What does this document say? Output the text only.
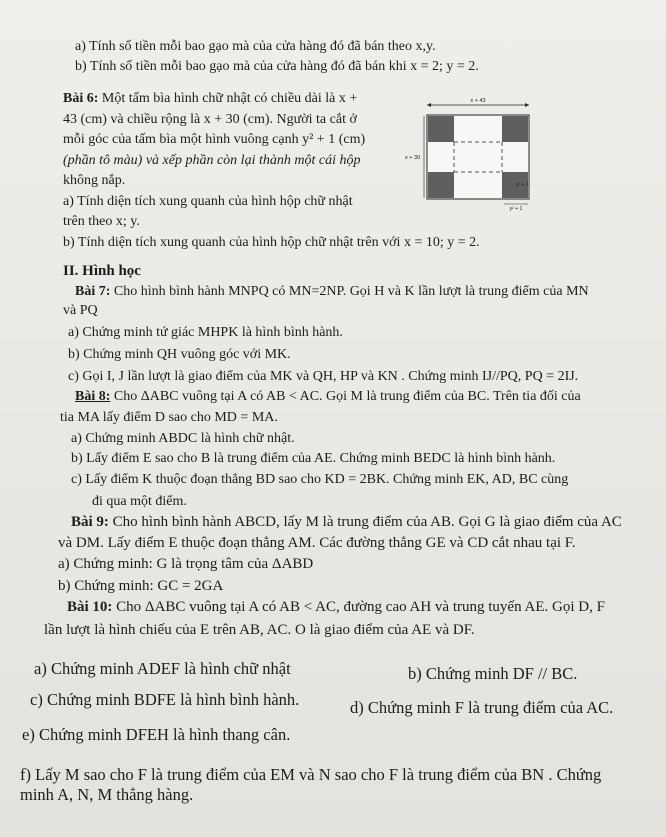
a) Tính số tiền mỗi bao gạo mà của cửa hàng đó đã bán theo x,y.
b) Tính số tiền mỗi bao gạo mà của cửa hàng đó đã bán khi x = 2; y = 2.
Bài 6: Một tấm bìa hình chữ nhật có chiều dài là x +
43 (cm) và chiều rộng là x + 30 (cm). Người ta cắt ở
mỗi góc của tấm bìa một hình vuông cạnh y² + 1 (cm)
(phần tô màu) và xếp phần còn lại thành một cái hộp
không nắp.
a) Tính diện tích xung quanh của hình hộp chữ nhật
trên theo x; y.
b) Tính diện tích xung quanh của hình hộp chữ nhật trên với x = 10; y = 2.
x + 43
x + 30
y² + 1
y² + 1
II. Hình học
Bài 7: Cho hình bình hành MNPQ có MN=2NP. Gọi H và K lần lượt là trung điểm của MN
và PQ
a) Chứng minh tứ giác MHPK là hình bình hành.
b) Chứng minh QH vuông góc với MK.
c) Gọi I, J lần lượt là giao điểm của MK và QH, HP và KN . Chứng minh IJ//PQ, PQ = 2IJ.
Bài 8: Cho ΔABC vuông tại A có AB < AC. Gọi M là trung điểm của BC. Trên tia đối của
tia MA lấy điểm D sao cho MD = MA.
a) Chứng minh ABDC là hình chữ nhật.
b) Lấy điểm E sao cho B là trung điểm của AE. Chứng minh BEDC là hình bình hành.
c) Lấy điểm K thuộc đoạn thẳng BD sao cho KD = 2BK. Chứng minh EK, AD, BC cùng
đi qua một điểm.
Bài 9: Cho hình bình hành ABCD, lấy M là trung điểm của AB. Gọi G là giao điểm của AC
và DM. Lấy điểm E thuộc đoạn thẳng AM. Các đường thẳng GE và CD cắt nhau tại F.
a) Chứng minh: G là trọng tâm của ΔABD
b) Chứng minh: GC = 2GA
Bài 10: Cho ΔABC vuông tại A có AB < AC, đường cao AH và trung tuyến AE. Gọi D, F
lần lượt là hình chiếu của E trên AB, AC. O là giao điểm của AE và DF.
a) Chứng minh ADEF là hình chữ nhật	b) Chứng minh DF // BC.
c) Chứng minh BDFE là hình bình hành.	d) Chứng minh F là trung điểm của AC.
e) Chứng minh DFEH là hình thang cân.
f) Lấy M sao cho F là trung điểm của EM và N sao cho F là trung điểm của BN . Chứng
minh A, N, M thẳng hàng.
